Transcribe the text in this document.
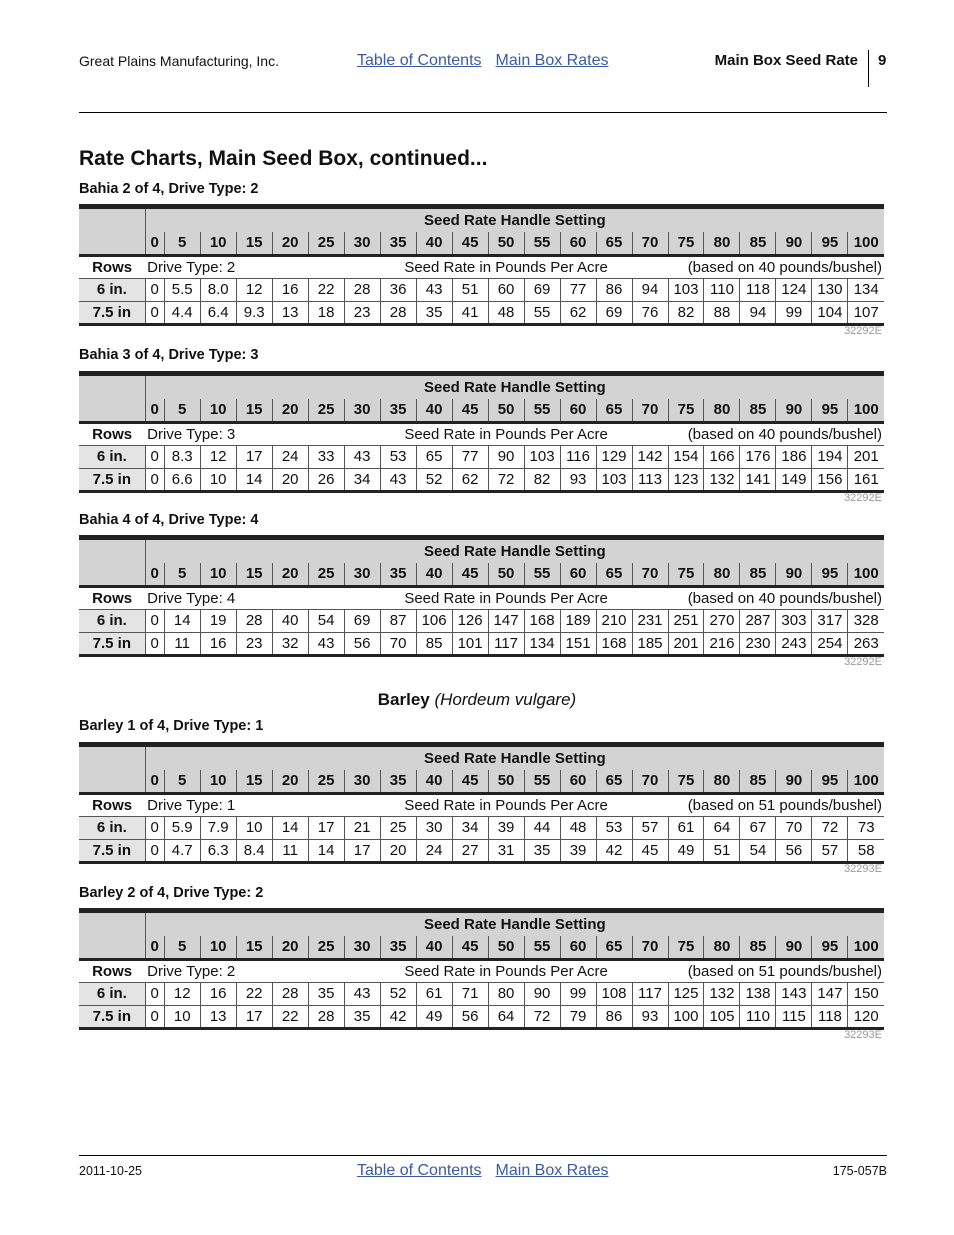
Great Plains Manufacturing, Inc.	Table of Contents Main Box Rates	Main Box Seed Rate 9
Rate Charts, Main Seed Box, continued...
Bahia 2 of 4, Drive Type: 2
Bahia 3 of 4, Drive Type: 3
Bahia 4 of 4, Drive Type: 4
Barley (Hordeum vulgare)
Barley 1 of 4, Drive Type: 1
Barley 2 of 4, Drive Type: 2

	Seed Rate Handle Setting																				
	0	5	10	15	20	25	30	35	40	45	50	55	60	65	70	75	80	85	90	95	100
Rows	Drive Type: 2							Seed Rate in Pounds Per Acre							(based on 40 pounds/bushel)						
6 in.	0	5.5	8.0	12	16	22	28	36	43	51	60	69	77	86	94	103	110	118	124	130	134
7.5 in	0	4.4	6.4	9.3	13	18	23	28	35	41	48	55	62	69	76	82	88	94	99	104	107
32292E

	Seed Rate Handle Setting																				
	0	5	10	15	20	25	30	35	40	45	50	55	60	65	70	75	80	85	90	95	100
Rows	Drive Type: 3							Seed Rate in Pounds Per Acre							(based on 40 pounds/bushel)						
6 in.	0	8.3	12	17	24	33	43	53	65	77	90	103	116	129	142	154	166	176	186	194	201
7.5 in	0	6.6	10	14	20	26	34	43	52	62	72	82	93	103	113	123	132	141	149	156	161
32292E

	Seed Rate Handle Setting																				
	0	5	10	15	20	25	30	35	40	45	50	55	60	65	70	75	80	85	90	95	100
Rows	Drive Type: 4							Seed Rate in Pounds Per Acre							(based on 40 pounds/bushel)						
6 in.	0	14	19	28	40	54	69	87	106	126	147	168	189	210	231	251	270	287	303	317	328
7.5 in	0	11	16	23	32	43	56	70	85	101	117	134	151	168	185	201	216	230	243	254	263
32292E

	Seed Rate Handle Setting																				
	0	5	10	15	20	25	30	35	40	45	50	55	60	65	70	75	80	85	90	95	100
Rows	Drive Type: 1							Seed Rate in Pounds Per Acre							(based on 51 pounds/bushel)						
6 in.	0	5.9	7.9	10	14	17	21	25	30	34	39	44	48	53	57	61	64	67	70	72	73
7.5 in	0	4.7	6.3	8.4	11	14	17	20	24	27	31	35	39	42	45	49	51	54	56	57	58
32293E

	Seed Rate Handle Setting																				
	0	5	10	15	20	25	30	35	40	45	50	55	60	65	70	75	80	85	90	95	100
Rows	Drive Type: 2							Seed Rate in Pounds Per Acre							(based on 51 pounds/bushel)						
6 in.	0	12	16	22	28	35	43	52	61	71	80	90	99	108	117	125	132	138	143	147	150
7.5 in	0	10	13	17	22	28	35	42	49	56	64	72	79	86	93	100	105	110	115	118	120
32293E
2011-10-25	Table of Contents Main Box Rates	175-057B
